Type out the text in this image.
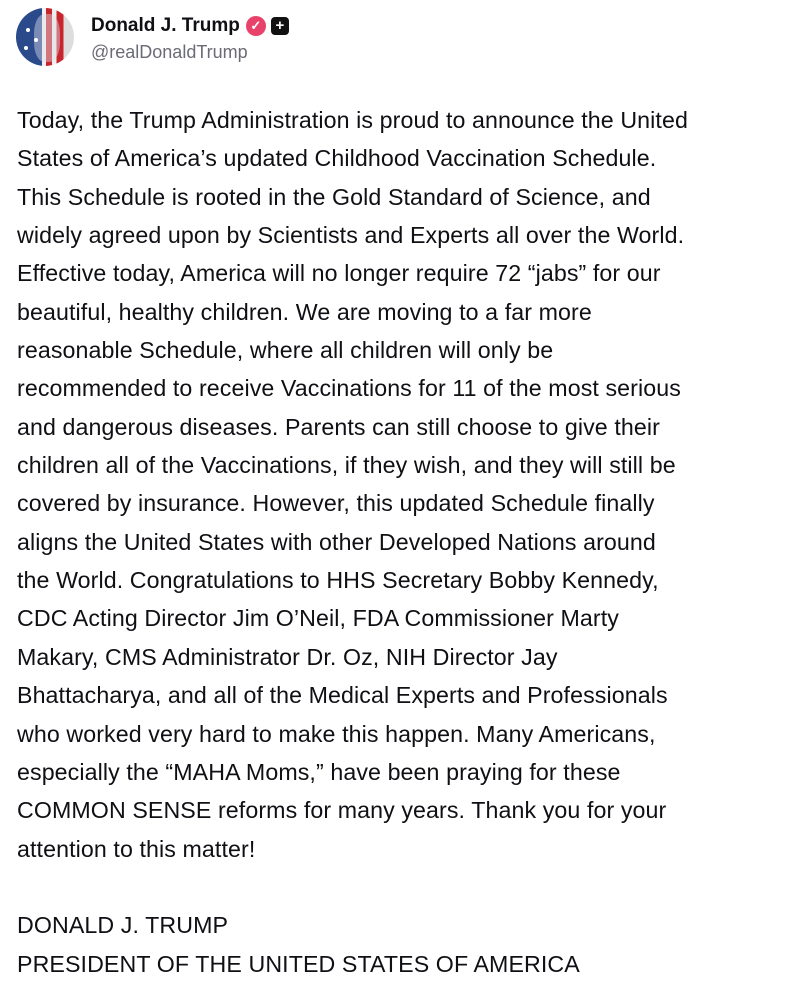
Donald J. Trump ✓ +
@realDonaldTrump
Today, the Trump Administration is proud to announce the United
States of America’s updated Childhood Vaccination Schedule.
This Schedule is rooted in the Gold Standard of Science, and
widely agreed upon by Scientists and Experts all over the World.
Effective today, America will no longer require 72 “jabs” for our
beautiful, healthy children. We are moving to a far more
reasonable Schedule, where all children will only be
recommended to receive Vaccinations for 11 of the most serious
and dangerous diseases. Parents can still choose to give their
children all of the Vaccinations, if they wish, and they will still be
covered by insurance. However, this updated Schedule finally
aligns the United States with other Developed Nations around
the World. Congratulations to HHS Secretary Bobby Kennedy,
CDC Acting Director Jim O’Neil, FDA Commissioner Marty
Makary, CMS Administrator Dr. Oz, NIH Director Jay
Bhattacharya, and all of the Medical Experts and Professionals
who worked very hard to make this happen. Many Americans,
especially the “MAHA Moms,” have been praying for these
COMMON SENSE reforms for many years. Thank you for your
attention to this matter!
DONALD J. TRUMP
PRESIDENT OF THE UNITED STATES OF AMERICA
